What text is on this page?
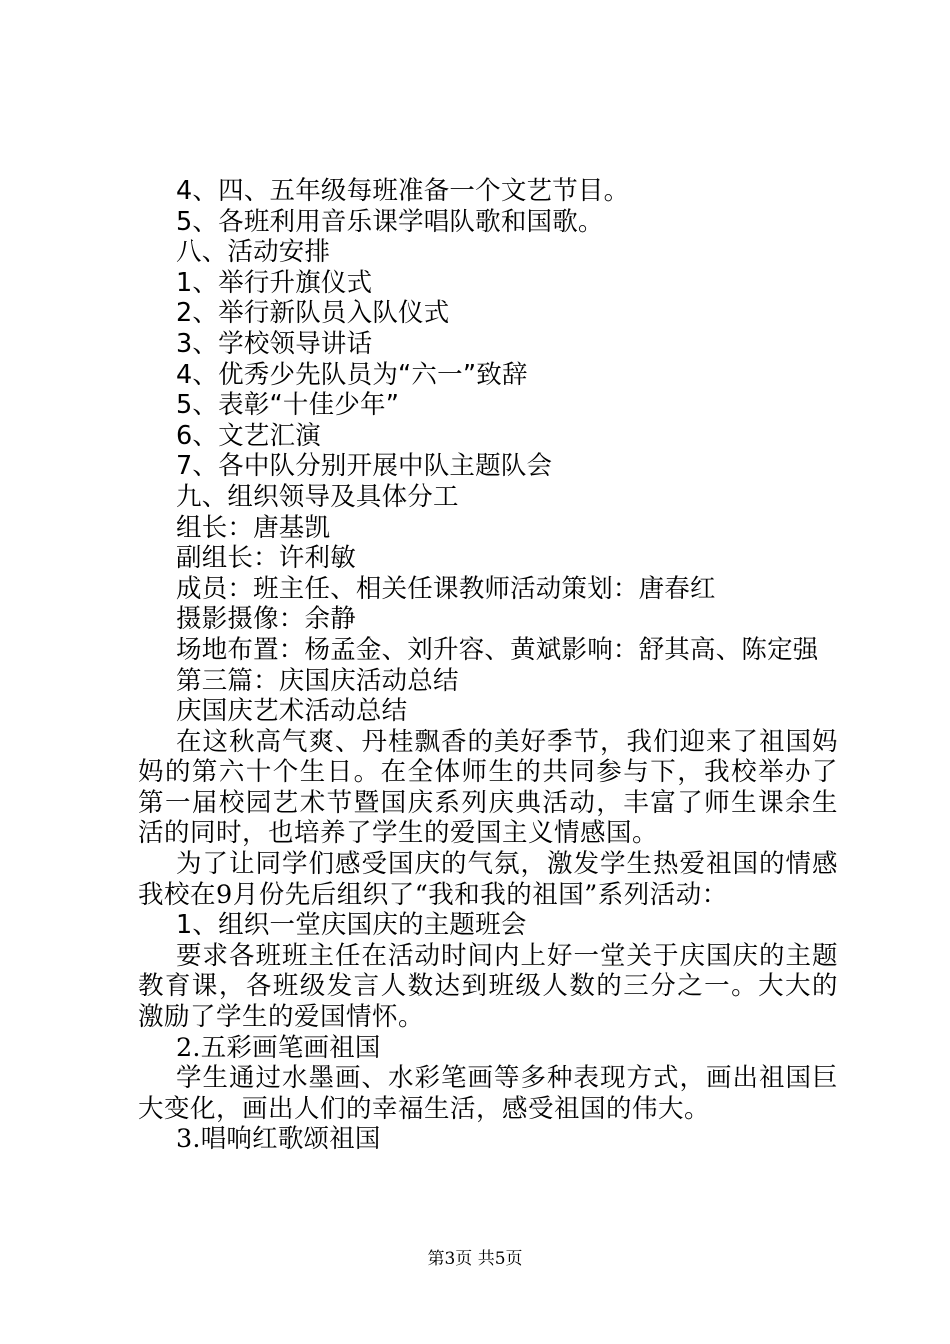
4、四、五年级每班准备一个文艺节目。
5、各班利用音乐课学唱队歌和国歌。
八、活动安排
1、举行升旗仪式
2、举行新队员入队仪式
3、学校领导讲话
4、优秀少先队员为“六一”致辞
5、表彰“十佳少年”
6、文艺汇演
7、各中队分别开展中队主题队会
九、组织领导及具体分工
组长：唐基凯
副组长：许利敏
成员：班主任、相关任课教师活动策划：唐春红
摄影摄像：余静
场地布置：杨孟金、刘升容、黄斌影响：舒其高、陈定强
第三篇：庆国庆活动总结
庆国庆艺术活动总结
在这秋高气爽、丹桂飘香的美好季节，我们迎来了祖国妈妈的第六十个生日。在全体师生的共同参与下，我校举办了第一届校园艺术节暨国庆系列庆典活动，丰富了师生课余生活的同时，也培养了学生的爱国主义情感国。
为了让同学们感受国庆的气氛，激发学生热爱祖国的情感我校在9月份先后组织了“我和我的祖国”系列活动：
1、组织一堂庆国庆的主题班会
要求各班班主任在活动时间内上好一堂关于庆国庆的主题教育课，各班级发言人数达到班级人数的三分之一。大大的激励了学生的爱国情怀。
2.五彩画笔画祖国
学生通过水墨画、水彩笔画等多种表现方式，画出祖国巨大变化，画出人们的幸福生活，感受祖国的伟大。
3.唱响红歌颂祖国
第3页 共5页
